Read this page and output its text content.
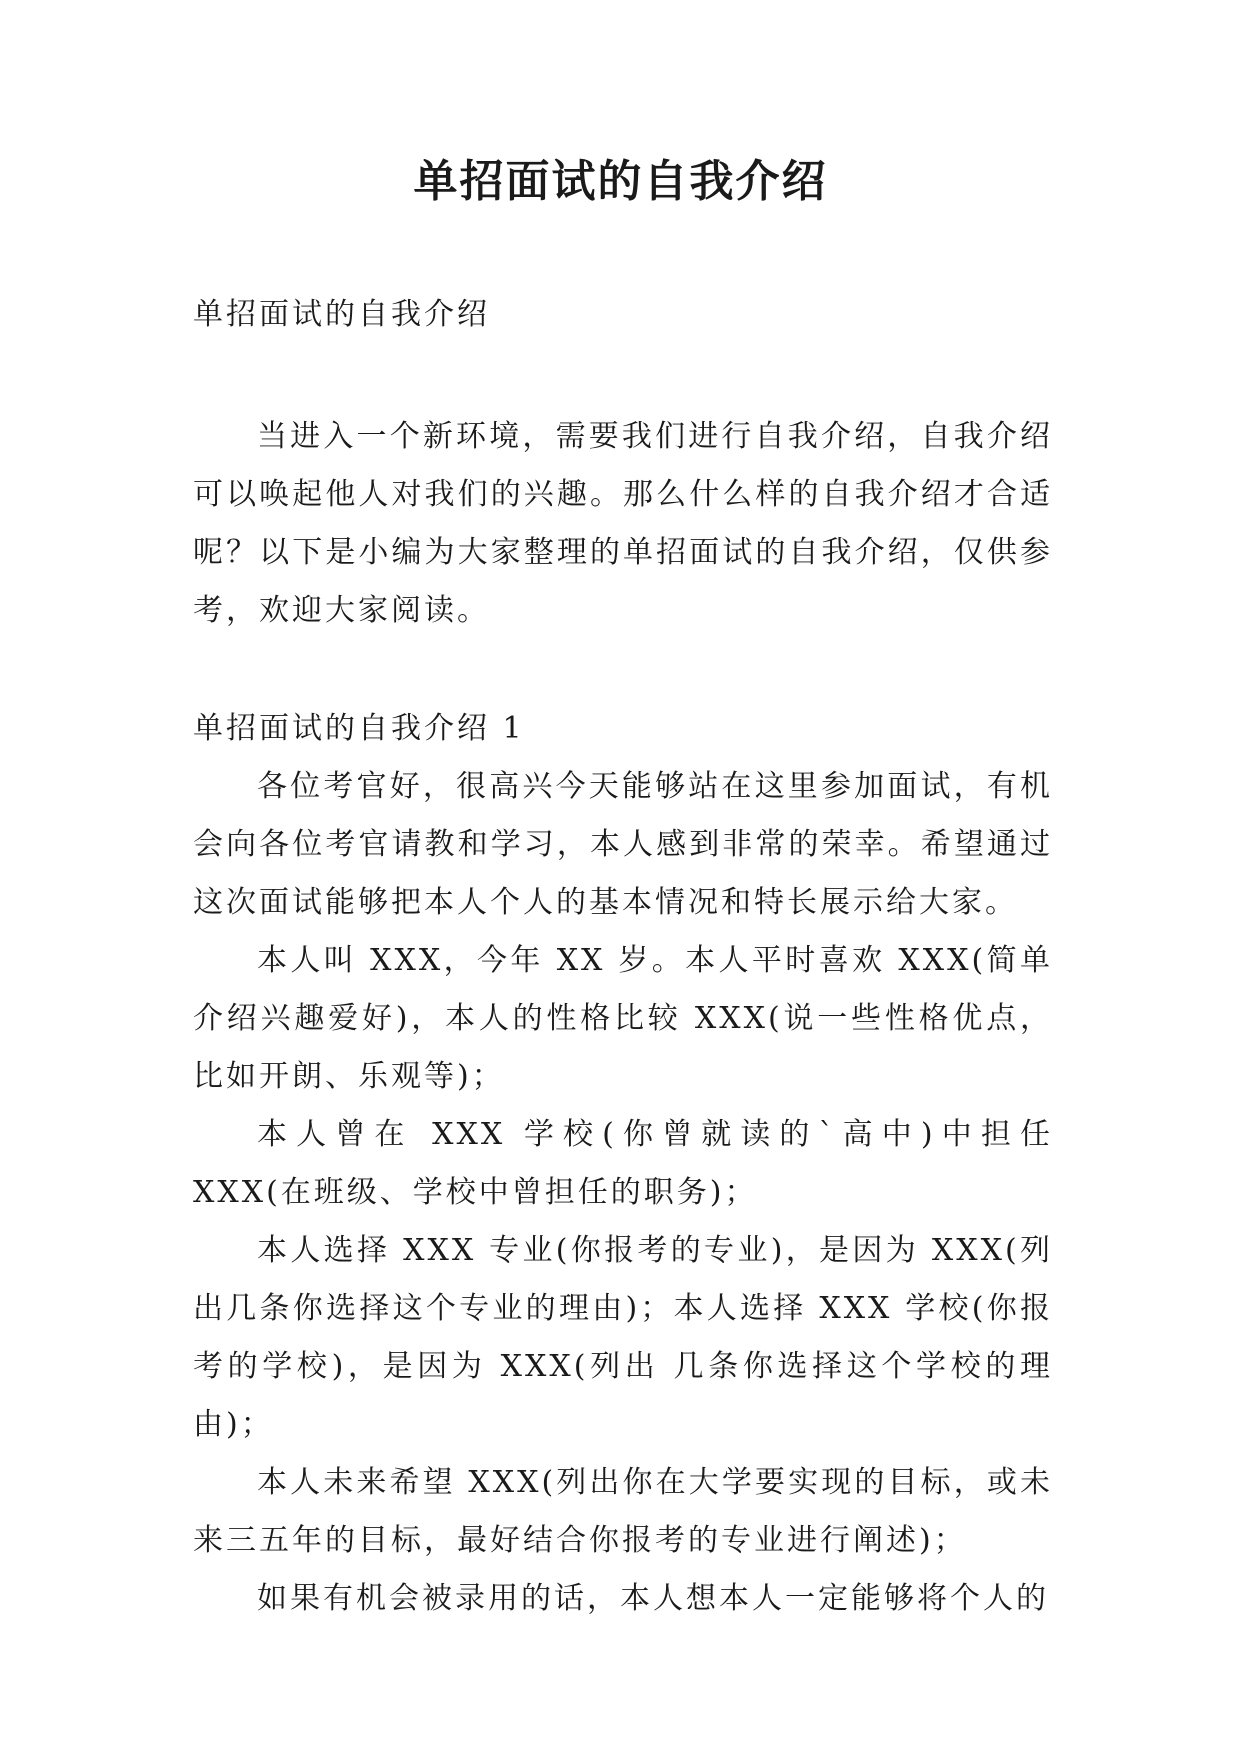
单招面试的自我介绍
单招面试的自我介绍

当进入一个新环境，需要我们进行自我介绍，自我介绍可以唤起他人对我们的兴趣。那么什么样的自我介绍才合适呢？以下是小编为大家整理的单招面试的自我介绍，仅供参考，欢迎大家阅读。

单招面试的自我介绍 1

各位考官好，很高兴今天能够站在这里参加面试，有机会向各位考官请教和学习，本人感到非常的荣幸。希望通过这次面试能够把本人个人的基本情况和特长展示给大家。

本人叫 XXX，今年 XX 岁。本人平时喜欢 XXX(简单介绍兴趣爱好)，本人的性格比较 XXX(说一些性格优点，比如开朗、乐观等)；

本人曾在 XXX 学校(你曾就读的`高中)中担任 XXX(在班级、学校中曾担任的职务)；

本人选择 XXX 专业(你报考的专业)，是因为 XXX(列出几条你选择这个专业的理由)；本人选择 XXX 学校(你报考的学校)，是因为 XXX(列出 几条你选择这个学校的理由)；

本人未来希望 XXX(列出你在大学要实现的目标，或未来三五年的目标，最好结合你报考的专业进行阐述)；

如果有机会被录用的话，本人想本人一定能够将个人的
